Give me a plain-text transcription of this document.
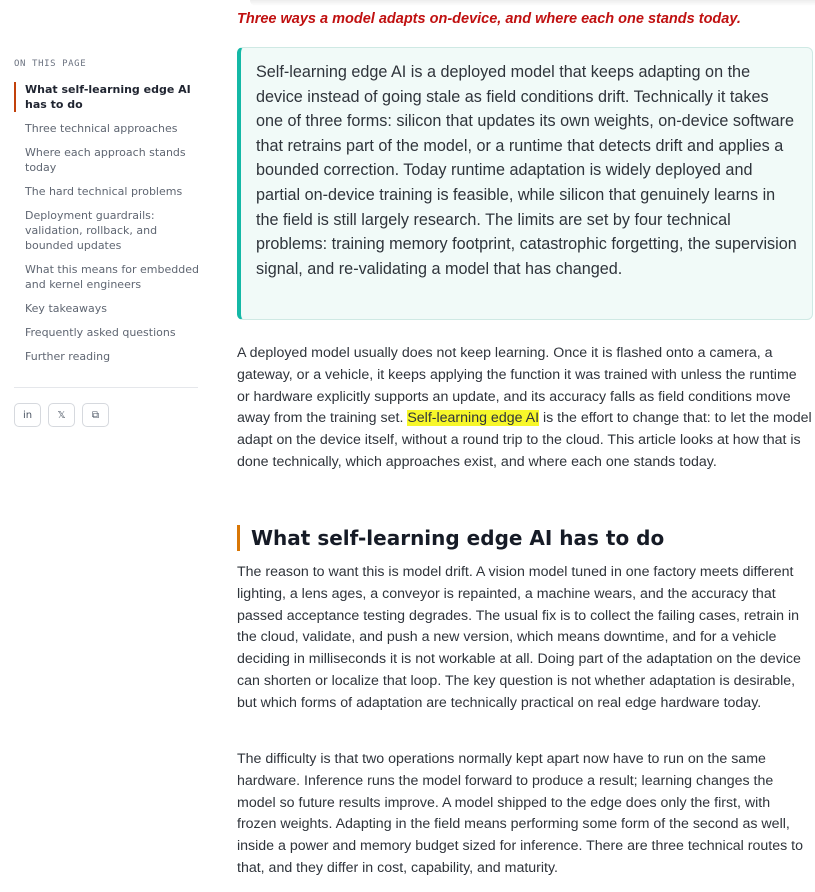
ON THIS PAGE
What self-learning edge AI has to do
Three technical approaches
Where each approach stands today
The hard technical problems
Deployment guardrails: validation, rollback, and bounded updates
What this means for embedded and kernel engineers
Key takeaways
Frequently asked questions
Further reading
in	𝕏	⧉
Three ways a model adapts on-device, and where each one stands today.
Self-learning edge AI is a deployed model that keeps adapting on the device instead of going stale as field conditions drift. Technically it takes one of three forms: silicon that updates its own weights, on-device software that retrains part of the model, or a runtime that detects drift and applies a bounded correction. Today runtime adaptation is widely deployed and partial on-device training is feasible, while silicon that genuinely learns in the field is still largely research. The limits are set by four technical problems: training memory footprint, catastrophic forgetting, the supervision signal, and re-validating a model that has changed.

A deployed model usually does not keep learning. Once it is flashed onto a camera, a gateway, or a vehicle, it keeps applying the function it was trained with unless the runtime or hardware explicitly supports an update, and its accuracy falls as field conditions move away from the training set. Self-learning edge AI is the effort to change that: to let the model adapt on the device itself, without a round trip to the cloud. This article looks at how that is done technically, which approaches exist, and where each one stands today.

What self-learning edge AI has to do

The reason to want this is model drift. A vision model tuned in one factory meets different lighting, a lens ages, a conveyor is repainted, a machine wears, and the accuracy that passed acceptance testing degrades. The usual fix is to collect the failing cases, retrain in the cloud, validate, and push a new version, which means downtime, and for a vehicle deciding in milliseconds it is not workable at all. Doing part of the adaptation on the device can shorten or localize that loop. The key question is not whether adaptation is desirable, but which forms of adaptation are technically practical on real edge hardware today.

The difficulty is that two operations normally kept apart now have to run on the same hardware. Inference runs the model forward to produce a result; learning changes the model so future results improve. A model shipped to the edge does only the first, with frozen weights. Adapting in the field means performing some form of the second as well, inside a power and memory budget sized for inference. There are three technical routes to that, and they differ in cost, capability, and maturity.
